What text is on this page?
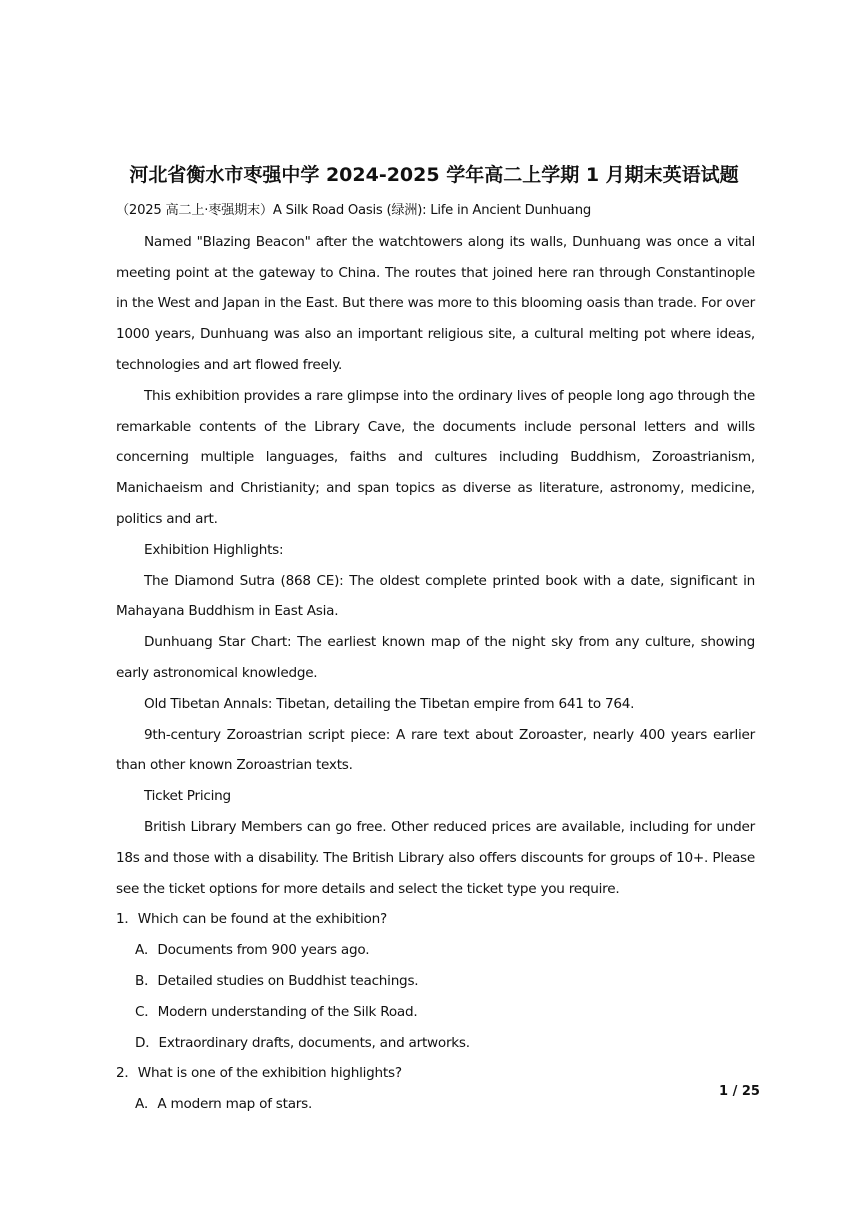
河北省衡水市枣强中学 2024-2025 学年高二上学期 1 月期末英语试题

（2025 高二上·枣强期末）A Silk Road Oasis (绿洲): Life in Ancient Dunhuang

Named "Blazing Beacon" after the watchtowers along its walls, Dunhuang was once a vital meeting point at the gateway to China. The routes that joined here ran through Constantinople in the West and Japan in the East. But there was more to this blooming oasis than trade. For over 1000 years, Dunhuang was also an important religious site, a cultural melting pot where ideas, technologies and art flowed freely.

This exhibition provides a rare glimpse into the ordinary lives of people long ago through the remarkable contents of the Library Cave, the documents include personal letters and wills concerning multiple languages, faiths and cultures including Buddhism, Zoroastrianism, Manichaeism and Christianity; and span topics as diverse as literature, astronomy, medicine, politics and art.

Exhibition Highlights:

The Diamond Sutra (868 CE): The oldest complete printed book with a date, significant in Mahayana Buddhism in East Asia.

Dunhuang Star Chart: The earliest known map of the night sky from any culture, showing early astronomical knowledge.

Old Tibetan Annals: Tibetan, detailing the Tibetan empire from 641 to 764.

9th-century Zoroastrian script piece: A rare text about Zoroaster, nearly 400 years earlier than other known Zoroastrian texts.

Ticket Pricing

British Library Members can go free. Other reduced prices are available, including for under 18s and those with a disability. The British Library also offers discounts for groups of 10+. Please see the ticket options for more details and select the ticket type you require.

1．Which can be found at the exhibition?

A．Documents from 900 years ago.

B．Detailed studies on Buddhist teachings.

C．Modern understanding of the Silk Road.

D．Extraordinary drafts, documents, and artworks.

2．What is one of the exhibition highlights?

A．A modern map of stars.

1 / 25
